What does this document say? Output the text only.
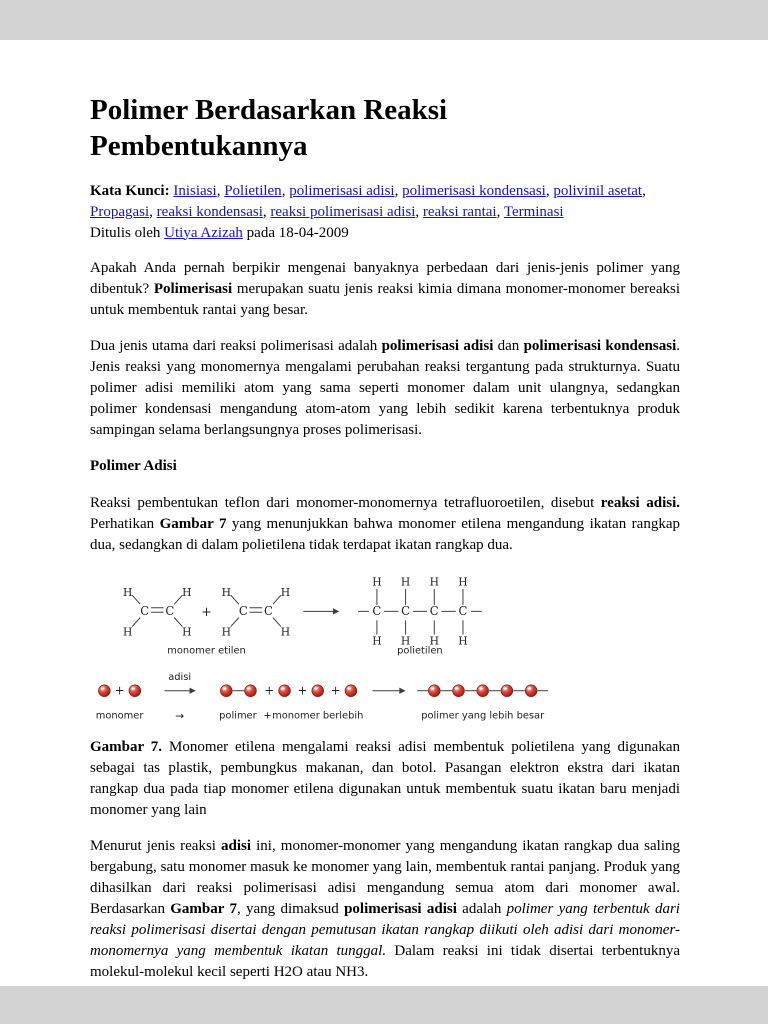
Polimer Berdasarkan Reaksi Pembentukannya

Kata Kunci: Inisiasi, Polietilen, polimerisasi adisi, polimerisasi kondensasi, polivinil asetat, Propagasi, reaksi kondensasi, reaksi polimerisasi adisi, reaksi rantai, Terminasi

Ditulis oleh Utiya Azizah pada 18-04-2009

Apakah Anda pernah berpikir mengenai banyaknya perbedaan dari jenis-jenis polimer yang dibentuk? Polimerisasi merupakan suatu jenis reaksi kimia dimana monomer-monomer bereaksi untuk membentuk rantai yang besar.

Dua jenis utama dari reaksi polimerisasi adalah polimerisasi adisi dan polimerisasi kondensasi. Jenis reaksi yang monomernya mengalami perubahan reaksi tergantung pada strukturnya. Suatu polimer adisi memiliki atom yang sama seperti monomer dalam unit ulangnya, sedangkan polimer kondensasi mengandung atom-atom yang lebih sedikit karena terbentuknya produk sampingan selama berlangsungnya proses polimerisasi.

Polimer Adisi

Reaksi pembentukan teflon dari monomer-monomernya tetrafluoroetilen, disebut reaksi adisi. Perhatikan Gambar 7 yang menunjukkan bahwa monomer etilena mengandung ikatan rangkap dua, sedangkan di dalam polietilena tidak terdapat ikatan rangkap dua.

C C
H	H
H	H
+ C C
H	H
H	H
C
H
H
C
H
H
C
H
H
C
H
H
monomer etilen	polietilen
+
adisi
+ + +
monomer	→	polimer + monomer berlebih	polimer yang lebih besar

Gambar 7. Monomer etilena mengalami reaksi adisi membentuk polietilena yang digunakan sebagai tas plastik, pembungkus makanan, dan botol. Pasangan elektron ekstra dari ikatan rangkap dua pada tiap monomer etilena digunakan untuk membentuk suatu ikatan baru menjadi monomer yang lain

Menurut jenis reaksi adisi ini, monomer-monomer yang mengandung ikatan rangkap dua saling bergabung, satu monomer masuk ke monomer yang lain, membentuk rantai panjang. Produk yang dihasilkan dari reaksi polimerisasi adisi mengandung semua atom dari monomer awal. Berdasarkan Gambar 7, yang dimaksud polimerisasi adisi adalah polimer yang terbentuk dari reaksi polimerisasi disertai dengan pemutusan ikatan rangkap diikuti oleh adisi dari monomer-monomernya yang membentuk ikatan tunggal. Dalam reaksi ini tidak disertai terbentuknya molekul-molekul kecil seperti H2O atau NH3.
